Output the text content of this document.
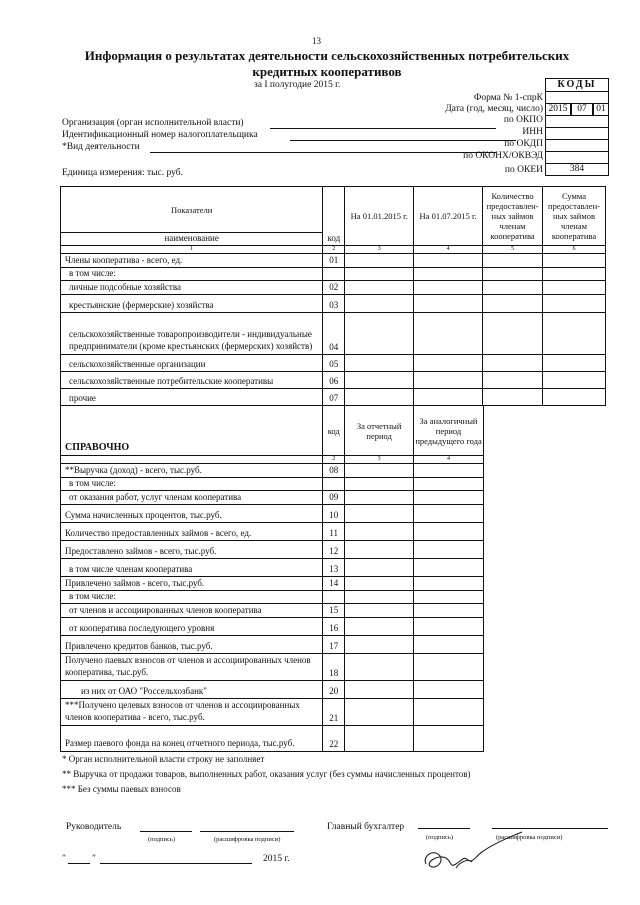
13
Информация о результатах деятельности сельскохозяйственных потребительских кредитных кооперативов
за I полугодие 2015 г.	КОДЫ
Форма № 1-спрК
Дата (год, месяц, число) 2015	07	01
Организация (орган исполнительной власти)	по ОКПО
Идентификационный номер налогоплательщика	ИНН
*Вид деятельности	по ОКДП
по ОКОНХ/ОКВЭД
Единица измерения: тыс. руб.	по ОКЕИ	384
Показатели	код	На 01.01.2015 г.	На 01.07.2015 г.	Количество предоставлен-ных займов членам кооператива	Сумма предоставлен-ных займов членам кооператива
наименование					
1	2	3	4	5	6
Члены кооператива - всего, ед.	01				
в том числе:					
личные подсобные хозяйства	02				
крестьянские (фермерские) хозяйства	03				
сельскохозяйственные товаропроизводители - индивидуальные предприниматели (кроме крестьянских (фермерских) хозяйств)	04				
сельскохозяйственные организации	05				
сельскохозяйственные потребительские кооперативы	06				
прочие	07				
СПРАВОЧНО	код	За отчетный период	За аналогичный период предыдущего года
	2	3	4
**Выручка (доход) - всего, тыс.руб.	08		
в том числе:			
от оказания работ, услуг членам кооператива	09		
Сумма начисленных процентов, тыс.руб.	10		
Количество предоставленных займов - всего, ед.	11		
Предоставлено займов - всего, тыс.руб.	12		
в том числе членам кооператива	13		
Привлечено займов - всего, тыс.руб.	14		
в том числе:			
от членов и ассоциированных членов кооператива	15		
от кооператива последующего уровня	16		
Привлечено кредитов банков, тыс.руб.	17		
Получено паевых взносов от членов и ассоциированных членов кооператива, тыс.руб.	18		
из них от ОАО "Россельхозбанк"	20		
***Получено целевых взносов от членов и ассоциированных членов кооператива - всего, тыс.руб.	21		
Размер паевого фонда на конец отчетного периода, тыс.руб.	22		
* Орган исполнительной власти строку не заполняет
** Выручка от продажи товаров, выполненных работ, оказания услуг (без суммы начисленных процентов)
*** Без суммы паевых взносов
Руководитель
(подпись)	(расшифровка подписи)
Главный бухгалтер
(подпись)	(расшифровка подписи)
"	"	2015 г.
